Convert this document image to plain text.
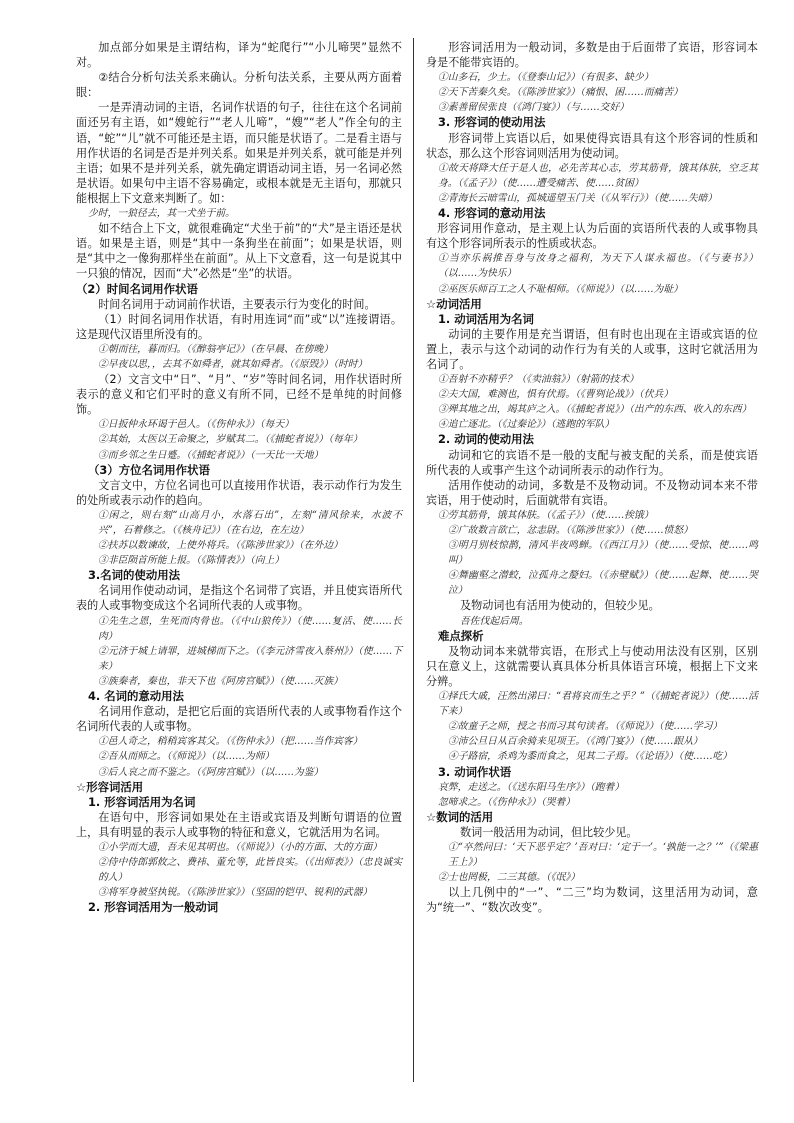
加点部分如果是主谓结构，译为“蛇爬行”“小儿啼哭”显然不对。

②结合分析句法关系来确认。分析句法关系，主要从两方面着眼：

一是弄清动词的主语，名词作状语的句子，往往在这个名词前面还另有主语，如“嫂蛇行”“老人儿啼”，“嫂”“老人”作全句的主语，“蛇”“儿”就不可能还是主语，而只能是状语了。二是看主语与用作状语的名词是否是并列关系。如果是并列关系，就可能是并列主语；如果不是并列关系，就先确定谓语动词主语，另一名词必然是状语。如果句中主语不容易确定，或根本就是无主语句，那就只能根据上下文意来判断了。如：

少时，一狼径去，其一犬坐于前。

如不结合上下文，就很难确定“犬坐于前”的“犬”是主语还是状语。如果是主语，则是“其中一条狗坐在前面”；如果是状语，则是“其中之一像狗那样坐在前面”。从上下文意看，这一句是说其中一只狼的情况，因而“犬”必然是“坐”的状语。

（2）时间名词用作状语

时间名词用于动词前作状语，主要表示行为变化的时间。

（1）时间名词用作状语，有时用连词“而”或“以”连接谓语。这是现代汉语里所没有的。

①朝而往，暮而归。（《醉翁亭记》）（在早晨、在傍晚）

②早夜以思，，去其不如舜者，就其如舜者。（《原毁》）（时时）

（2）文言文中“日”、“月”、“岁”等时间名词，用作状语时所表示的意义和它们平时的意义有所不同，已经不是单纯的时间修饰。

①日扳仲永环谒于邑人。（《伤仲永》）（每天）

②其始，太医以王命聚之，岁赋其二。（《捕蛇者说》）（每年）

③而乡邻之生日蹙。（《捕蛇者说》）（一天比一天地）

（3）方位名词用作状语

文言文中，方位名词也可以直接用作状语，表示动作行为发生的处所或表示动作的趋向。

①闲之，则右刻“山高月小，水落石出”，左刻“清风徐来，水波不兴”，石着修之。（《核舟记》）（在右边，在左边）

②扶苏以数谏故，上使外将兵。（《陈涉世家》）（在外边）

③非臣陨首所能上报。（《陈情表》）（向上）

3.名词的使动用法

名词用作使动动词，是指这个名词带了宾语，并且使宾语所代表的人或事物变成这个名词所代表的人或事物。

①先生之恩，生死而肉骨也。（《中山狼传》）（使……复活、使……长肉）

②元济于城上请罪，进城梯而下之。（《李元济雪夜入蔡州》）（使……下来）

③族秦者，秦也，非天下也《阿房宫赋》）（使……灭族）

4. 名词的意动用法

名词用作意动，是把它后面的宾语所代表的人或事物看作这个名词所代表的人或事物。

①邑人奇之，稍稍宾客其父。（《伤仲永》）（把……当作宾客）

②吾从而师之。（《师说》）（以……为师）

③后人哀之而不鉴之。（《阿房宫赋》）（以……为鉴）

☆形容词活用

1. 形容词活用为名词

在语句中，形容词如果处在主语或宾语及判断句谓语的位置上，具有明显的表示人或事物的特征和意义，它就活用为名词。

①小学而大遗，吾未见其明也。（《师说》）（小的方面、大的方面）

②侍中侍郎郭攸之、费祎、董允等，此皆良实。（《出师表》）（忠良诚实的人）

③将军身被坚执锐。（《陈涉世家》）（坚固的铠甲、锐利的武器）

2. 形容词活用为一般动词

形容词活用为一般动词，多数是由于后面带了宾语，形容词本身是不能带宾语的。

①山多石，少土。（《登泰山记》）（有很多、缺少）

②天下苦秦久矣。（《陈涉世家》）（痛恨、困……而痛苦）

③素善留侯张良（《鸿门宴》）（与……交好）

3. 形容词的使动用法

形容词带上宾语以后，如果使得宾语具有这个形容词的性质和状态，那么这个形容词则活用为使动词。

①故天将降大任于是人也，必先苦其心志，劳其筋骨，饿其体肤，空乏其身。（《孟子》）（使……遭受痛苦、使……贫困）

②青海长云暗雪山，孤城遥望玉门关（《从军行》）（使……失暗）

4. 形容词的意动用法

形容词用作意动，是主观上认为后面的宾语所代表的人或事物具有这个形容词所表示的性质或状态。

①当亦乐祸推吾身与汝身之福利，为天下人谋永福也。（《与妻书》）（以……为快乐）

②巫医乐师百工之人不耻相师。（《师说》）（以……为耻）

☆动词活用

1. 动词活用为名词

动词的主要作用是充当谓语，但有时也出现在主语或宾语的位置上，表示与这个动词的动作行为有关的人或事，这时它就活用为名词了。

①吾射不亦精乎？（《卖油翁》）（射箭的技术）

②夫大国，难测也，惧有伏焉。（《曹刿论战》）（伏兵）

③殚其地之出，竭其庐之入。（《捕蛇者说》）（出产的东西、收入的东西）

④追亡逐北。（《过秦论》）（逃跑的军队）

2. 动词的使动用法

动词和它的宾语不是一般的支配与被支配的关系，而是使宾语所代表的人或事产生这个动词所表示的动作行为。

活用作使动的动词，多数是不及物动词。不及物动词本来不带宾语，用于使动时，后面就带有宾语。

①劳其筋骨，饿其体肤。（《孟子》）（使……挨饿）

②广故数言欲亡，忿恚尉。（《陈涉世家》）（使……愤怒）

③明月别枝惊鹊，清风半夜鸣蝉。（《西江月》）（使……受惊、使……鸣叫）

④舞幽壑之潜蛟，泣孤舟之嫠妇。（《赤壁赋》）（使……起舞、使……哭泣）

及物动词也有活用为使动的，但较少见。

吾佐伐起后周。

难点探析

及物动词本来就带宾语，在形式上与使动用法没有区别，区别只在意义上，这就需要认真具体分析具体语言环境，根据上下文来分辨。

①择氏大戚，汪然出涕曰：“君将哀而生之乎？”（《捕蛇者说》）（使……活下来）

②故童子之师，授之书而习其句读者。（《师说》）（使……学习）

③沛公旦日从百余骑来见项王。（《鸿门宴》）（使……跟从）

④子路宿，杀鸡为黍而食之，见其二子焉。（《论语》）（使……吃）

3. 动词作状语

哀弊，走送之。（《送东阳马生序》）（跑着）

忽啼求之。（《伤仲永》）（哭着）

☆数词的活用

数词一般活用为动词，但比较少见。

①“卒然问曰：‘天下恶乎定？’吾对曰：‘定于一’。‘孰能一之？’”（《梁惠王上》）

②士也罔极，二三其德。（《氓》）

以上几例中的“一”、“二三”均为数词，这里活用为动词，意为“统一”、“数次改变”。
